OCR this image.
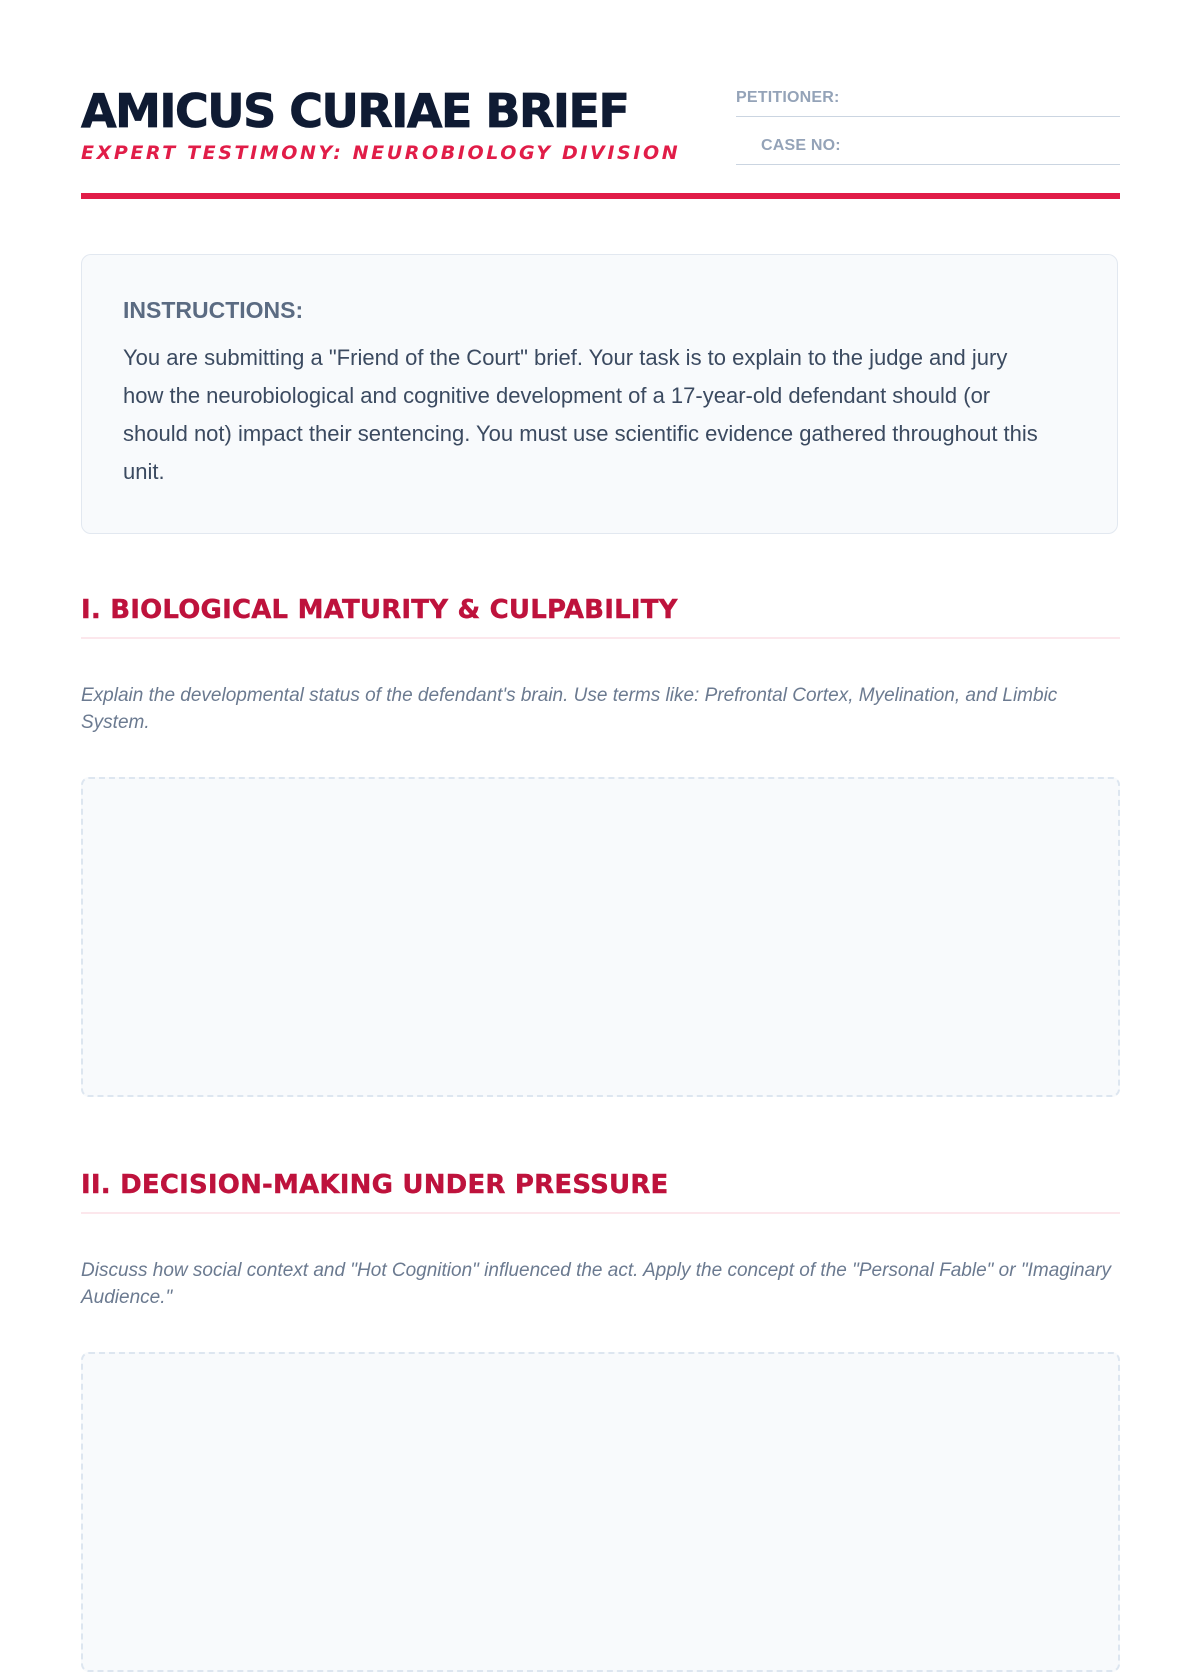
AMICUS CURIAE BRIEF
EXPERT TESTIMONY: NEUROBIOLOGY DIVISION
PETITIONER:
CASE NO:
INSTRUCTIONS:

You are submitting a "Friend of the Court" brief. Your task is to explain to the judge and jury how the neurobiological and cognitive development of a 17-year-old defendant should (or should not) impact their sentencing. You must use scientific evidence gathered throughout this unit.

I. BIOLOGICAL MATURITY & CULPABILITY

Explain the developmental status of the defendant's brain. Use terms like: Prefrontal Cortex, Myelination, and Limbic System.

II. DECISION-MAKING UNDER PRESSURE

Discuss how social context and "Hot Cognition" influenced the act. Apply the concept of the "Personal Fable" or "Imaginary Audience."
